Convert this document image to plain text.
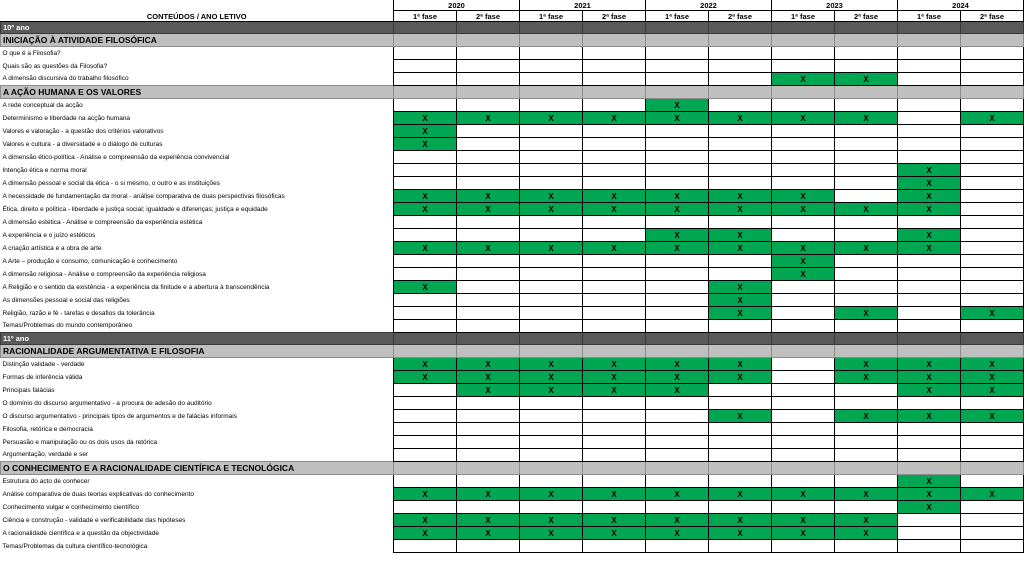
CONTEÚDOS / ANO LETIVO	2020		2021		2022		2023		2024	
	1ª fase	2ª fase	1ª fase	2ª fase	1ª fase	2ª fase	1ª fase	2ª fase	1ª fase	2ª fase
10º ano										
INICIAÇÃO À ATIVIDADE FILOSÓFICA										
O que é a Filosofia?										
Quais são as questões da Filosofia?										
A dimensão discursiva do trabalho filosófico							X	X		
A AÇÃO HUMANA E OS VALORES										
A rede conceptual da acção					X					
Determinismo e liberdade na acção humana	X	X	X	X	X	X	X	X		X
Valores e valoração - a questão dos critérios valorativos	X									
Valores e cultura - a diversidade e o diálogo de culturas	X									
A dimensão ético-política - Análise e compreensão da experiência convivencial										
Intenção ética e norma moral									X	
A dimensão pessoal e social da ética - o si mesmo, o outro e as instituições									X	
A necessidade de fundamentação da moral - análise comparativa de duas perspectivas filosóficas	X	X	X	X	X	X	X		X	
Ética, direito e política - liberdade e justiça social; igualdade e diferenças; justiça e equidade	X	X	X	X	X	X	X	X	X	
A dimensão estética - Análise e compreensão da experiência estética										
A experiência e o juízo estéticos					X	X			X	
A criação artística e a obra de arte	X	X	X	X	X	X	X	X	X	
A Arte – produção e consumo, comunicação e conhecimento							X			
A dimensão religiosa - Análise e compreensão da experiência religiosa							X			
A Religião e o sentido da existência - a experiência da finitude e a abertura à transcendência	X					X				
As dimensões pessoal e social das religiões						X				
Religião, razão e fé - tarefas e desafios da tolerância						X		X		X
Temas/Problemas do mundo contemporâneo										
11º ano										
RACIONALIDADE ARGUMENTATIVA E FILOSOFIA										
Distinção validade - verdade	X	X	X	X	X	X		X	X	X
Formas de inferência válida	X	X	X	X	X	X		X	X	X
Principais falácias		X	X	X	X				X	X
O domínio do discurso argumentativo - a procura de adesão do auditório										
O discurso argumentativo - principais tipos de argumentos e de falácias informais						X		X	X	X
Filosofia, retórica e democracia										
Persuasão e manipulação ou os dois usos da retórica										
Argumentação, verdade e ser										
O CONHECIMENTO E A RACIONALIDADE CIENTÍFICA E TECNOLÓGICA										
Estrutura do acto de conhecer									X	
Análise comparativa de duas teorias explicativas do conhecimento	X	X	X	X	X	X	X	X	X	X
Conhecimento vulgar e conhecimento científico									X	
Ciência e construção - validade e verificabilidade das hipóteses	X	X	X	X	X	X	X	X		
A racionalidade científica e a questão da objectividade	X	X	X	X	X	X	X	X		
Temas/Problemas da cultura científico-tecnológica										
